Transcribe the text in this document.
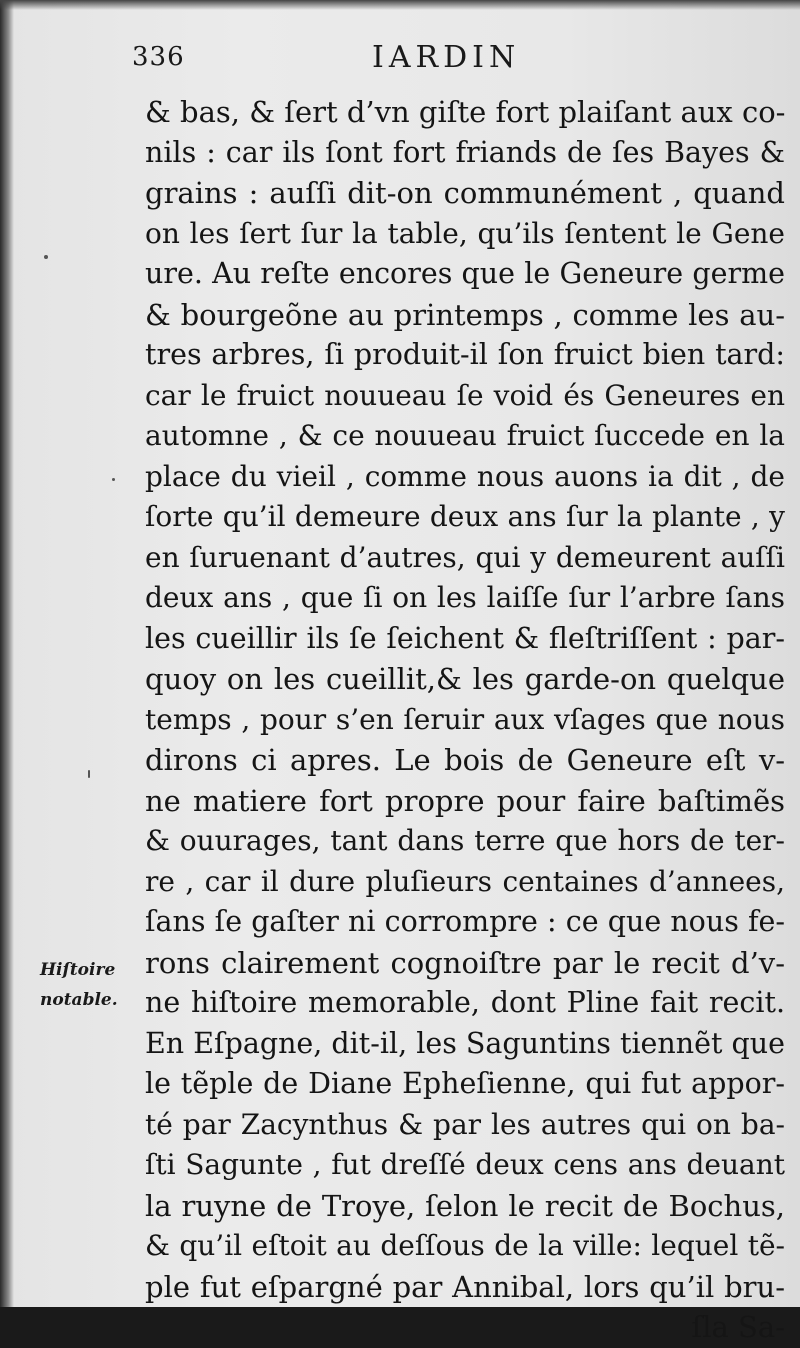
336	IARDIN
& bas, & ſert d’vn giſte fort plaiſant aux co-
nils : car ils ſont fort friands de ſes Bayes &
grains : auſſi dit-on communément , quand
on les ſert ſur la table, qu’ils ſentent le Gene
ure. Au reſte encores que le Geneure germe
& bourgeõne au printemps , comme les au-
tres arbres, ſi produit-il ſon fruict bien tard:
car le fruict nouueau ſe void és Geneures en
automne , & ce nouueau fruict ſuccede en la
place du vieil , comme nous auons ia dit , de
ſorte qu’il demeure deux ans ſur la plante , y
en ſuruenant d’autres, qui y demeurent auſſi
deux ans , que ſi on les laiſſe ſur l’arbre ſans
les cueillir ils ſe ſeichent & fleſtriſſent : par-
quoy on les cueillit,& les garde-on quelque
temps , pour s’en ſeruir aux vſages que nous
dirons ci apres. Le bois de Geneure eſt v-
ne matiere fort propre pour faire baſtimẽs
& ouurages, tant dans terre que hors de ter-
re , car il dure pluſieurs centaines d’annees,
ſans ſe gaſter ni corrompre : ce que nous fe-
rons clairement cognoiſtre par le recit d’v-
ne hiſtoire memorable, dont Pline fait recit.
En Eſpagne, dit-il, les Saguntins tiennẽt que
le tẽple de Diane Epheſienne, qui fut appor-
té par Zacynthus & par les autres qui on ba-
ſti Sagunte , fut dreſſé deux cens ans deuant
la ruyne de Troye, ſelon le recit de Bochus,
& qu’il eſtoit au deſſous de la ville: lequel tẽ-
ple fut eſpargné par Annibal, lors qu’il bru-
ſla Sa-
Hiſtoire
notable.
